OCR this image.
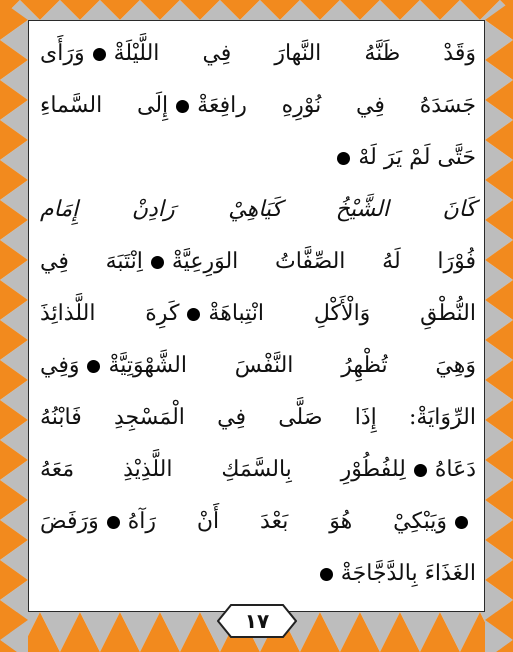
وَقَدْ ظَنَّهُ النَّهارَ فِي اللَّيْلَةْوَرَأَى
جَسَدَهُ فِي نُوْرِهِ رافِعَةْإِلَى السَّماءِ
حَتَّى لَمْ يَرَ لَهْ
كَانَ الشَّيْخُ كَيَاهِيْ رَادِنْ إِمَام
فُوْرَا لَهُ الصِّفَّاتُ الوَرِعِيَّةْاِنْتَبَهَ فِي
النُّطْقِ وَالْأَكْلِ انْتِباهَةْكَرِهَ اللَّذائِذَ
وَهِيَ تُظْهِرُ النَّفْسَ الشَّهْوَتِيَّةْوَفِي
الرِّوَايَةْ: إِذَا صَلَّى فِي الْمَسْجِدِ فَابْنُهُ
دَعَاهُلِلفُطُوْرِ بِالسَّمَكِ اللَّذِيْذِ مَعَهُ
وَيَبْكِيْ هُوَ بَعْدَ أَنْ رَآهُوَرَفَضَ
الغَذَاءَ بِالدَّجَّاجَةْ
١٧
